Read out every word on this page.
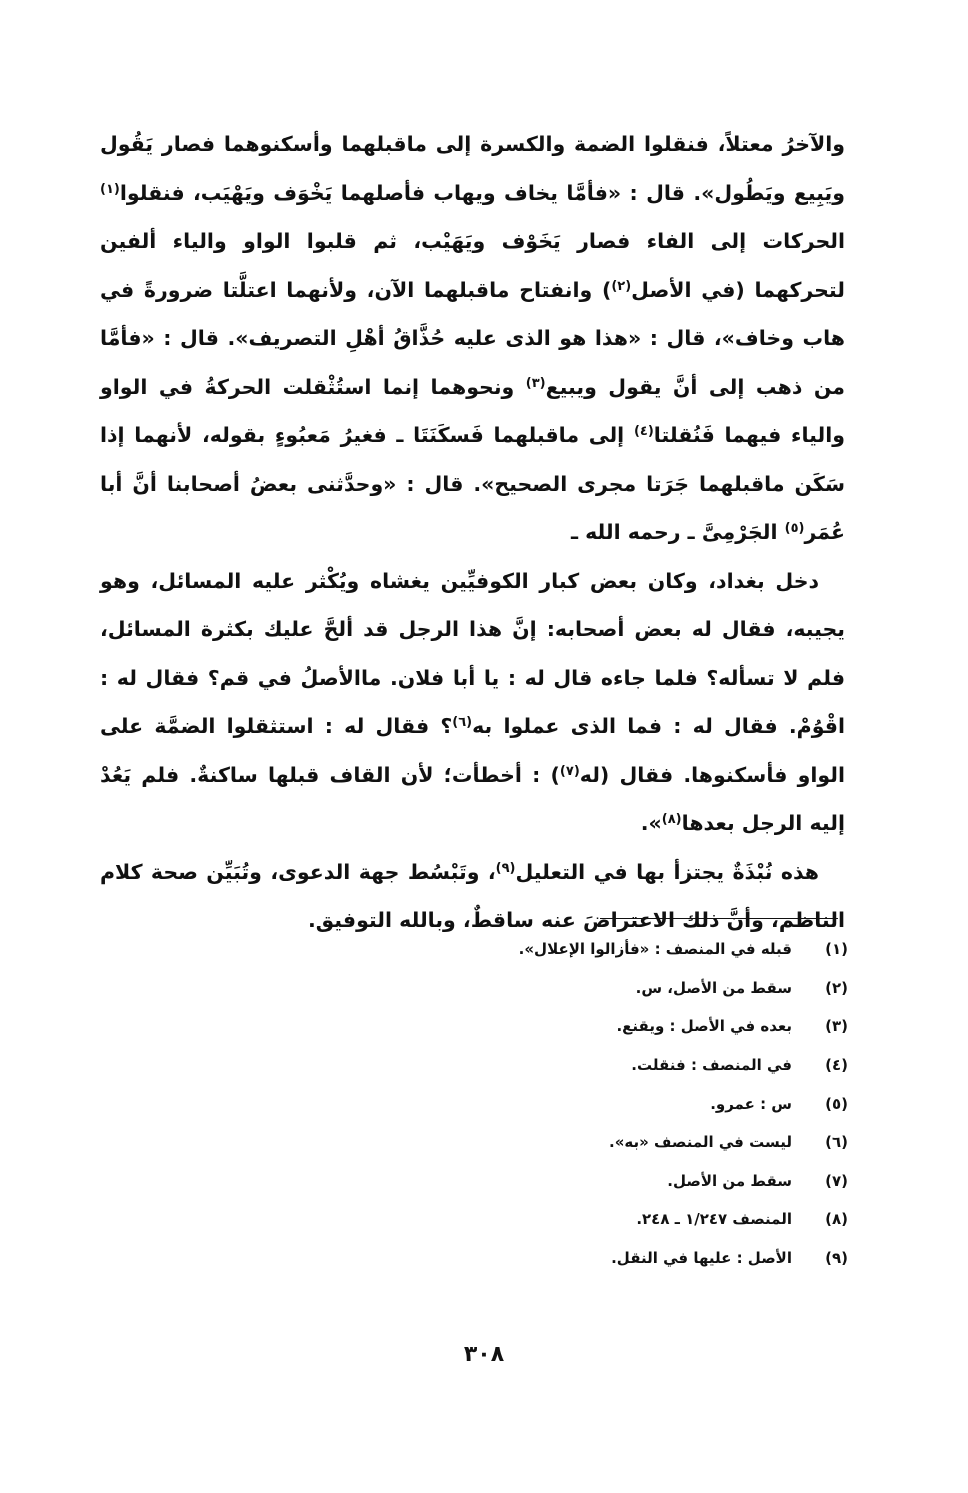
والآخرُ معتلاً، فنقلوا الضمة والكسرة إلى ماقبلهما وأسكنوهما فصار يَقُول ويَبِيع ويَطُول». قال : «فأمَّا يخاف ويهاب فأصلهما يَخْوَف ويَهْيَب، فنقلوا$^{(١)}$ الحركات إلى الفاء فصار يَخَوْف ويَهَيْب، ثم قلبوا الواو والياء ألفين لتحركهما (في الأصل$^{(٢)}$) وانفتاح ماقبلهما الآن، ولأنهما اعتلَّتا ضرورةً في هاب وخاف»، قال : «هذا هو الذى عليه حُذَّاقُ أهْلِ التصريف». قال : «فأمَّا من ذهب إلى أنَّ يقول ويبيع$^{(٣)}$ ونحوهما إنما استُثْقلت الحركةُ في الواو والياء فيهما فَنُقلتا$^{(٤)}$ إلى ماقبلهما فَسكَنَتَا ـ فغيرُ مَعبُوءٍ بقوله، لأنهما إذا سَكَن ماقبلهما جَرَتا مجرى الصحيح». قال : «وحدَّثنى بعضُ أصحابنا أنَّ أبا عُمَر$^{(٥)}$ الجَرْمِىَّ ـ رحمه الله ـ

دخل بغداد، وكان بعض كبار الكوفيِّين يغشاه ويُكْثر عليه المسائل، وهو يجيبه، فقال له بعض أصحابه: إنَّ هذا الرجل قد ألحَّ عليك بكثرة المسائل، فلم لا تسأله؟ فلما جاءه قال له : يا أبا فلان. ماالأصلُ في قم؟ فقال له : اقْوُمْ. فقال له : فما الذى عملوا به$^{(٦)}$؟ فقال له : استثقلوا الضمَّة على الواو فأسكنوها. فقال (له$^{(٧)}$) : أخطأت؛ لأن القاف قبلها ساكنةٌ. فلم يَعُدْ إليه الرجل بعدها$^{(٨)}$».

هذه نُبْذَةٌ يجتزأ بها في التعليل$^{(٩)}$، وتَبْسُط جهة الدعوى، وتُبَيِّن صحة كلام الناظم، وأنَّ ذلك الاعتراضَ عنه ساقطٌ، وبالله التوفيق.

(١)
قبله في المنصف : «فأزالوا الإعلال».
(٢)
سقط من الأصل، س.
(٣)
بعده في الأصل : ويقنع.
(٤)
في المنصف : فنقلت.
(٥)
س : عمرو.
(٦)
ليست في المنصف «به».
(٧)
سقط من الأصل.
(٨)
المنصف ١/٢٤٧ ـ ٢٤٨.
(٩)
الأصل : عليها في النقل.
٣٠٨
